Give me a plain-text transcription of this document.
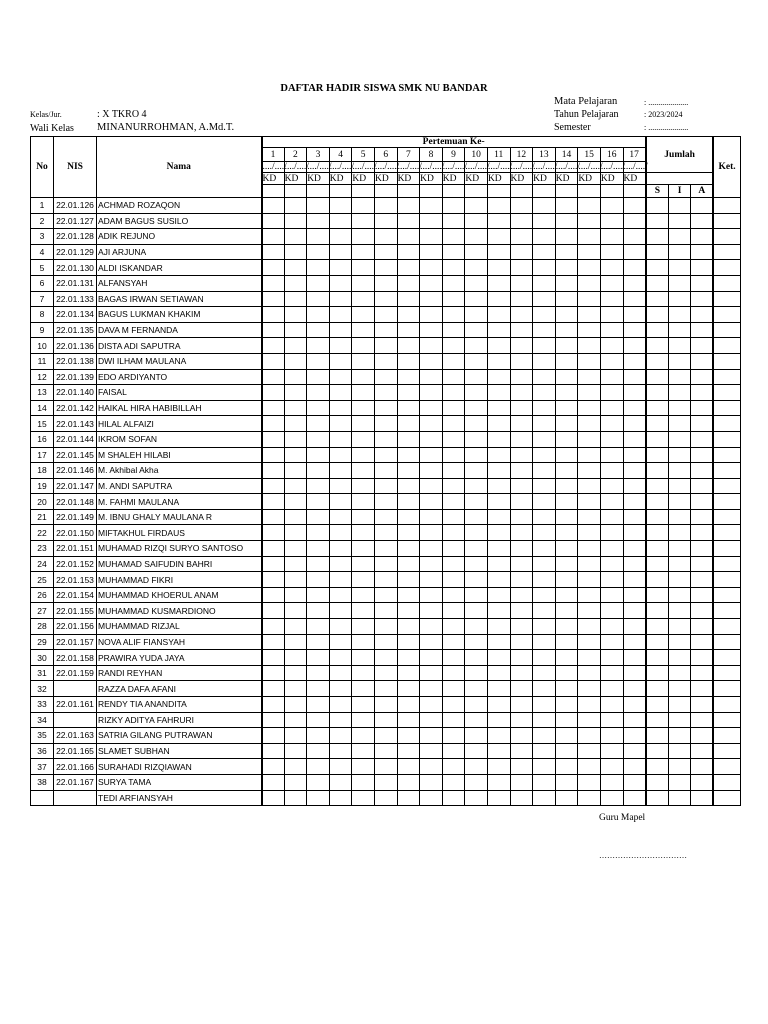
DAFTAR HADIR SISWA SMK NU BANDAR
Kelas/Jur.	: X TKRO 4
Wali Kelas MINANURROHMAN, A.Md.T.
Mata Pelajaran	: ....................
Tahun Pelajaran	: 2023/2024
Semester	: ....................
No	NIS	Nama	Pertemuan Ke-																	Jumlah			Ket.
			1	2	3	4	5	6	7	8	9	10	11	12	13	14	15	16	17				
			..../..../	..../..../	..../..../	..../..../	..../..../	..../..../	..../..../	..../..../	..../..../	..../..../	..../..../	..../..../	..../..../	..../..../	..../..../	..../..../	..../..../				
			KD	KD	KD	KD	KD	KD	KD	KD	KD	KD	KD	KD	KD	KD	KD	KD	KD				
																				S	I	A	
1	22.01.126	ACHMAD ROZAQON																					
2	22.01.127	ADAM BAGUS SUSILO																					
3	22.01.128	ADIK REJUNO																					
4	22.01.129	AJI ARJUNA																					
5	22.01.130	ALDI ISKANDAR																					
6	22.01.131	ALFANSYAH																					
7	22.01.133	BAGAS IRWAN SETIAWAN																					
8	22.01.134	BAGUS LUKMAN KHAKIM																					
9	22.01.135	DAVA M FERNANDA																					
10	22.01.136	DISTA ADI SAPUTRA																					
11	22.01.138	DWI ILHAM MAULANA																					
12	22.01.139	EDO ARDIYANTO																					
13	22.01.140	FAISAL																					
14	22.01.142	HAIKAL HIRA HABIBILLAH																					
15	22.01.143	HILAL ALFAIZI																					
16	22.01.144	IKROM SOFAN																					
17	22.01.145	M SHALEH HILABI																					
18	22.01.146	M. Akhibal Akha																					
19	22.01.147	M. ANDI SAPUTRA																					
20	22.01.148	M. FAHMI MAULANA																					
21	22.01.149	M. IBNU GHALY MAULANA R																					
22	22.01.150	MIFTAKHUL FIRDAUS																					
23	22.01.151	MUHAMAD RIZQI SURYO SANTOSO																					
24	22.01.152	MUHAMAD SAIFUDIN BAHRI																					
25	22.01.153	MUHAMMAD FIKRI																					
26	22.01.154	MUHAMMAD KHOERUL ANAM																					
27	22.01.155	MUHAMMAD KUSMARDIONO																					
28	22.01.156	MUHAMMAD RIZJAL																					
29	22.01.157	NOVA ALIF FIANSYAH																					
30	22.01.158	PRAWIRA YUDA JAYA																					
31	22.01.159	RANDI REYHAN																					
32		RAZZA DAFA AFANI																					
33	22.01.161	RENDY TIA ANANDITA																					
34		RIZKY ADITYA FAHRURI																					
35	22.01.163	SATRIA GILANG PUTRAWAN																					
36	22.01.165	SLAMET SUBHAN																					
37	22.01.166	SURAHADI RIZQIAWAN																					
38	22.01.167	SURYA TAMA																					
		TEDI ARFIANSYAH																					
Guru Mapel
……………………………
